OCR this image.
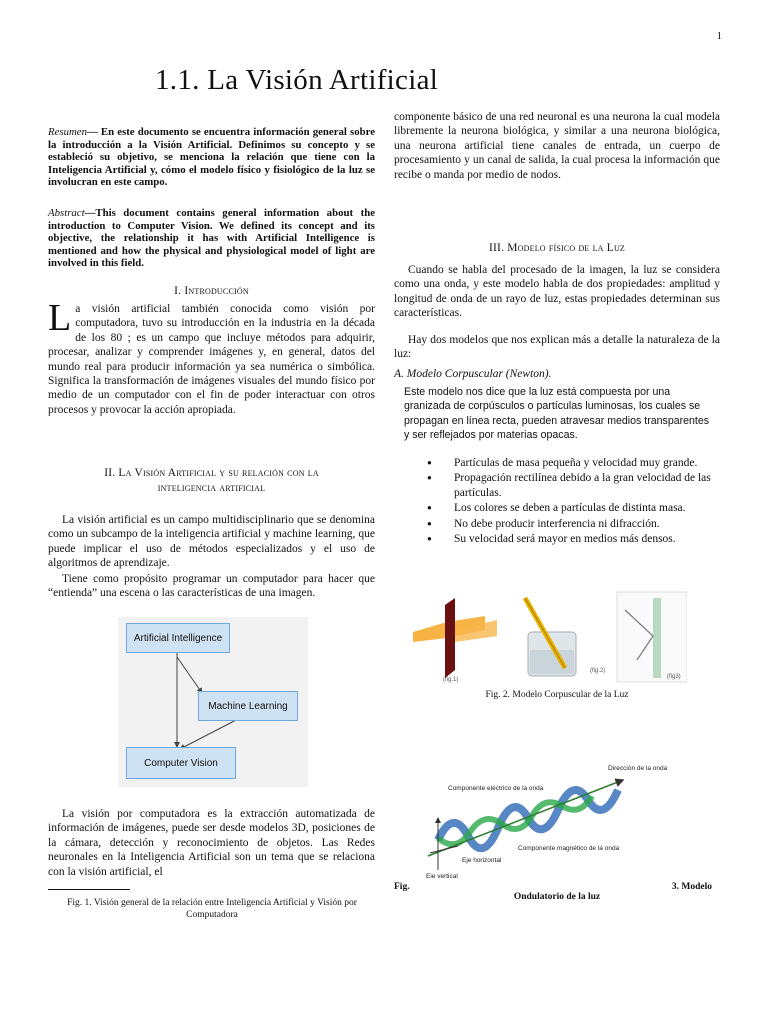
1
1.1. La Visión Artificial
Resumen— En este documento se encuentra información general sobre la introducción a la Visión Artificial. Definimos su concepto y se estableció su objetivo, se menciona la relación que tiene con la Inteligencia Artificial y, cómo el modelo físico y fisiológico de la luz se involucran en este campo.
Abstract—This document contains general information about the introduction to Computer Vision. We defined its concept and its objective, the relationship it has with Artificial Intelligence is mentioned and how the physical and physiological model of light are involved in this field.
I. Introducción
La visión artificial también conocida como visión por computadora, tuvo su introducción en la industria en la década de los 80 ; es un campo que incluye métodos para adquirir, procesar, analizar y comprender imágenes y, en general, datos del mundo real para producir información ya sea numérica o simbólica. Significa la transformación de imágenes visuales del mundo físico por medio de un computador con el fin de poder interactuar con otros procesos y provocar la acción apropiada.
II. La Visión Artificial y su relación con la
inteligencia artificial
La visión artificial es un campo multidisciplinario que se denomina como un subcampo de la inteligencia artificial y machine learning, que puede implicar el uso de métodos especializados y el uso de algoritmos de aprendizaje.
Tiene como propósito programar un computador para hacer que “entienda” una escena o las características de una imagen.
Artificial Intelligence
Machine Learning
Computer Vision
La visión por computadora es la extracción automatizada de información de imágenes, puede ser desde modelos 3D, posiciones de la cámara, detección y reconocimiento de objetos. Las Redes neuronales en la Inteligencia Artificial son un tema que se relaciona con la visión artificial, el
Fig. 1. Visión general de la relación entre Inteligencia Artificial y Visión por Computadora
componente básico de una red neuronal es una neurona la cual modela libremente la neurona biológica, y similar a una neurona biológica, una neurona artificial tiene canales de entrada, un cuerpo de procesamiento y un canal de salida, la cual procesa la información que recibe o manda por medio de nodos.
III. Modelo físico de la Luz
Cuando se habla del procesado de la imagen, la luz se considera como una onda, y este modelo habla de dos propiedades: amplitud y longitud de onda de un rayo de luz, estas propiedades determinan sus características.
Hay dos modelos que nos explican más a detalle la naturaleza de la luz:
A. Modelo Corpuscular (Newton).
Este modelo nos dice que la luz está compuesta por una granizada de corpúsculos o partículas luminosas, los cuales se propagan en línea recta, pueden atravesar medios transparentes y ser reflejados por materias opacas.
● Partículas de masa pequeña y velocidad muy grande.
● Propagación rectilínea debido a la gran velocidad de las partículas.
● Los colores se deben a partículas de distinta masa.
● No debe producir interferencia ni difracción.
● Su velocidad será mayor en medios más densos.
(fig.1)
(fig.2)
(fig3)
Fig. 2. Modelo Corpuscular de la Luz
Dirección de la onda
Componente eléctrico de la onda
Componente magnético de la onda
Eje horizontal
Eje vertical
Fig.	3. Modelo
Ondulatorio de la luz
